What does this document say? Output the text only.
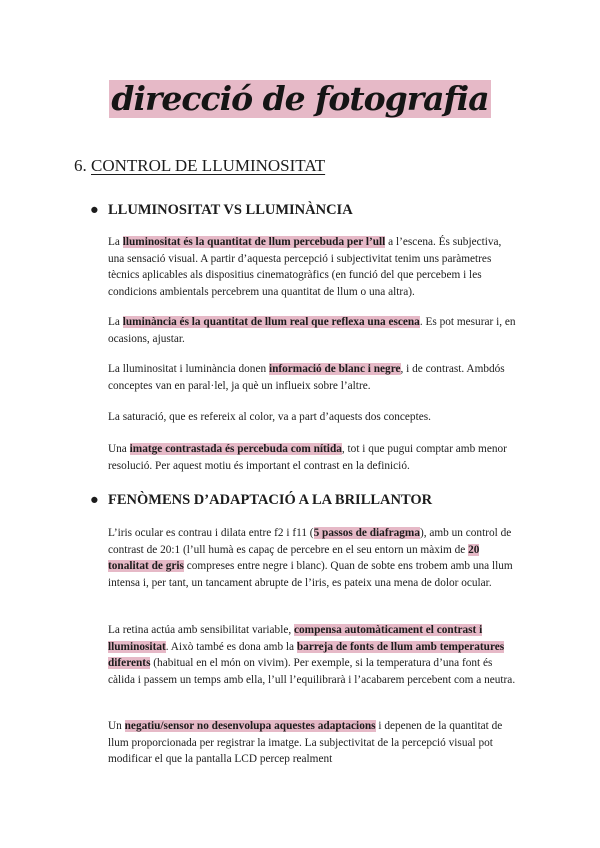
direcció de fotografia
6. CONTROL DE LLUMINOSITAT
● LLUMINOSITAT VS LLUMINÀNCIA

La lluminositat és la quantitat de llum percebuda per l’ull a l’escena. És subjectiva, una sensació visual. A partir d’aquesta percepció i subjectivitat tenim uns paràmetres tècnics aplicables als dispositius cinematogràfics (en funció del que percebem i les condicions ambientals percebrem una quantitat de llum o una altra).

La luminància és la quantitat de llum real que reflexa una escena. Es pot mesurar i, en ocasions, ajustar.

La lluminositat i luminància donen informació de blanc i negre, i de contrast. Ambdós conceptes van en paral·lel, ja què un influeix sobre l’altre.

La saturació, que es refereix al color, va a part d’aquests dos conceptes.

Una imatge contrastada és percebuda com nítida, tot i que pugui comptar amb menor resolució. Per aquest motiu és important el contrast en la definició.

● FENÒMENS D’ADAPTACIÓ A LA BRILLANTOR

L’iris ocular es contrau i dilata entre f2 i f11 (5 passos de diafragma), amb un control de contrast de 20:1 (l’ull humà es capaç de percebre en el seu entorn un màxim de 20 tonalitat de gris compreses entre negre i blanc). Quan de sobte ens trobem amb una llum intensa i, per tant, un tancament abrupte de l’iris, es pateix una mena de dolor ocular.

La retina actúa amb sensibilitat variable, compensa automàticament el contrast i lluminositat. Això també es dona amb la barreja de fonts de llum amb temperatures diferents (habitual en el món on vivim). Per exemple, si la temperatura d’una font és càlida i passem un temps amb ella, l’ull l’equilibrarà i l’acabarem percebent com a neutra.

Un negatiu/sensor no desenvolupa aquestes adaptacions i depenen de la quantitat de llum proporcionada per registrar la imatge. La subjectivitat de la percepció visual pot modificar el que la pantalla LCD percep realment
